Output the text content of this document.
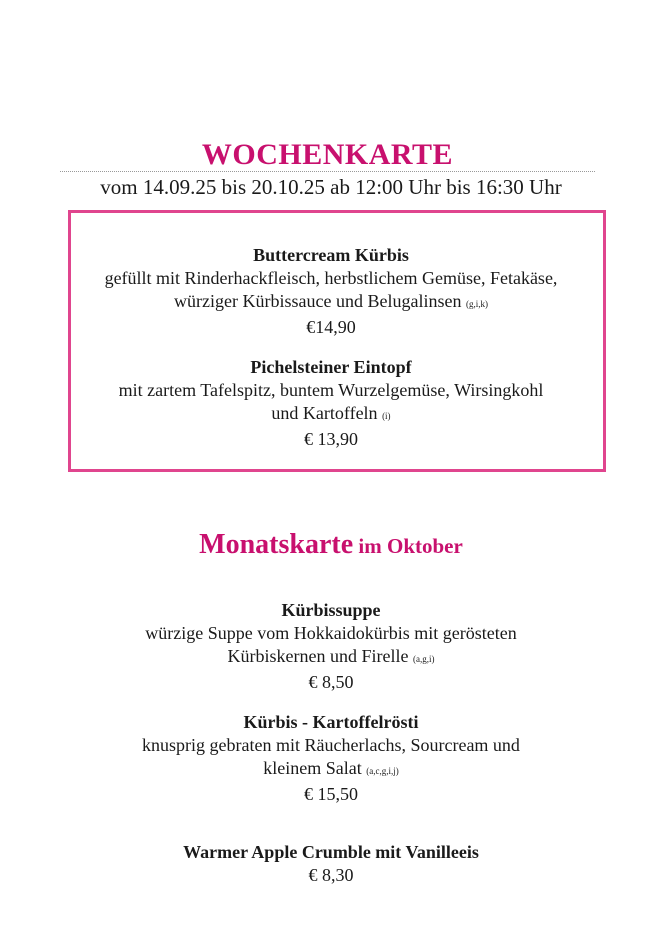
WOCHENKARTE
vom 14.09.25 bis 20.10.25 ab 12:00 Uhr bis 16:30 Uhr
Buttercream Kürbis
gefüllt mit Rinderhackfleisch, herbstlichem Gemüse, Fetakäse,
würziger Kürbissauce und Belugalinsen (g,i,k)
€14,90
Pichelsteiner Eintopf
mit zartem Tafelspitz, buntem Wurzelgemüse, Wirsingkohl
und Kartoffeln (i)
€ 13,90
Monatskarte im Oktober
Kürbissuppe
würzige Suppe vom Hokkaidokürbis mit gerösteten
Kürbiskernen und Firelle (a,g,i)
€ 8,50
Kürbis - Kartoffelrösti
knusprig gebraten mit Räucherlachs, Sourcream und
kleinem Salat (a,c,g,i,j)
€ 15,50
Warmer Apple Crumble mit Vanilleeis
€ 8,30
